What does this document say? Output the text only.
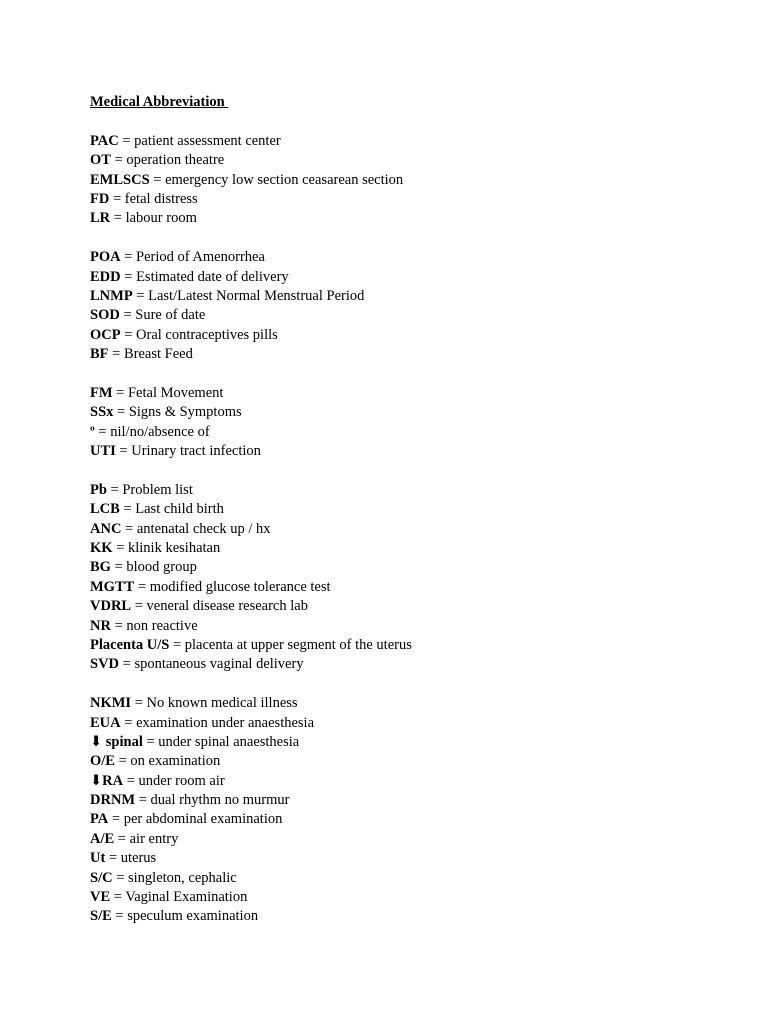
Medical Abbreviation
PAC = patient assessment center
OT = operation theatre
EMLSCS = emergency low section ceasarean section
FD = fetal distress
LR = labour room
POA = Period of Amenorrhea
EDD = Estimated date of delivery
LNMP = Last/Latest Normal Menstrual Period
SOD = Sure of date
OCP = Oral contraceptives pills
BF = Breast Feed
FM = Fetal Movement
SSx = Signs & Symptoms
º = nil/no/absence of
UTI = Urinary tract infection
Pb = Problem list
LCB = Last child birth
ANC = antenatal check up / hx
KK = klinik kesihatan
BG = blood group
MGTT = modified glucose tolerance test
VDRL = veneral disease research lab
NR = non reactive
Placenta U/S = placenta at upper segment of the uterus
SVD = spontaneous vaginal delivery
NKMI = No known medical illness
EUA = examination under anaesthesia
⬇ spinal = under spinal anaesthesia
O/E = on examination
⬇RA = under room air
DRNM = dual rhythm no murmur
PA = per abdominal examination
A/E = air entry
Ut = uterus
S/C = singleton, cephalic
VE = Vaginal Examination
S/E = speculum examination
